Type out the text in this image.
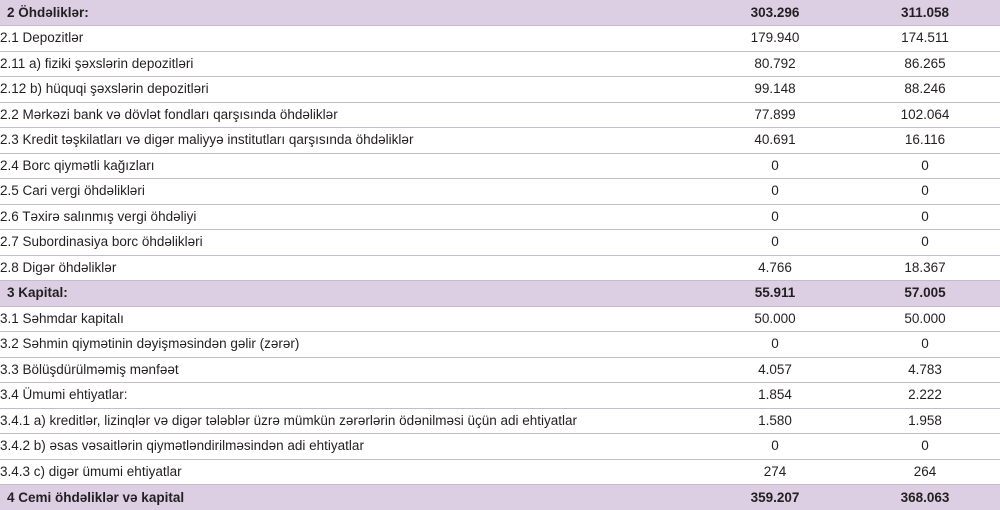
2 Öhdəliklər:	303.296	311.058
2.1 Depozitlər	179.940	174.511
2.11 a) fiziki şəxslərin depozitləri	80.792	86.265
2.12 b) hüquqi şəxslərin depozitləri	99.148	88.246
2.2 Mərkəzi bank və dövlət fondları qarşısında öhdəliklər	77.899	102.064
2.3 Kredit təşkilatları və digər maliyyə institutları qarşısında öhdəliklər	40.691	16.116
2.4 Borc qiymətli kağızları	0	0
2.5 Cari vergi öhdəlikləri	0	0
2.6 Təxirə salınmış vergi öhdəliyi	0	0
2.7 Subordinasiya borc öhdəlikləri	0	0
2.8 Digər öhdəliklər	4.766	18.367
3 Kapital:	55.911	57.005
3.1 Səhmdar kapitalı	50.000	50.000
3.2 Səhmin qiymətinin dəyişməsindən gəlir (zərər)	0	0
3.3 Bölüşdürülməmiş mənfəət	4.057	4.783
3.4 Ümumi ehtiyatlar:	1.854	2.222
3.4.1 a) kreditlər, lizinqlər və digər tələblər üzrə mümkün zərərlərin ödənilməsi üçün adi ehtiyatlar	1.580	1.958
3.4.2 b) əsas vəsaitlərin qiymətləndirilməsindən adi ehtiyatlar	0	0
3.4.3 c) digər ümumi ehtiyatlar	274	264
4 Cemi öhdəliklər və kapital	359.207	368.063
